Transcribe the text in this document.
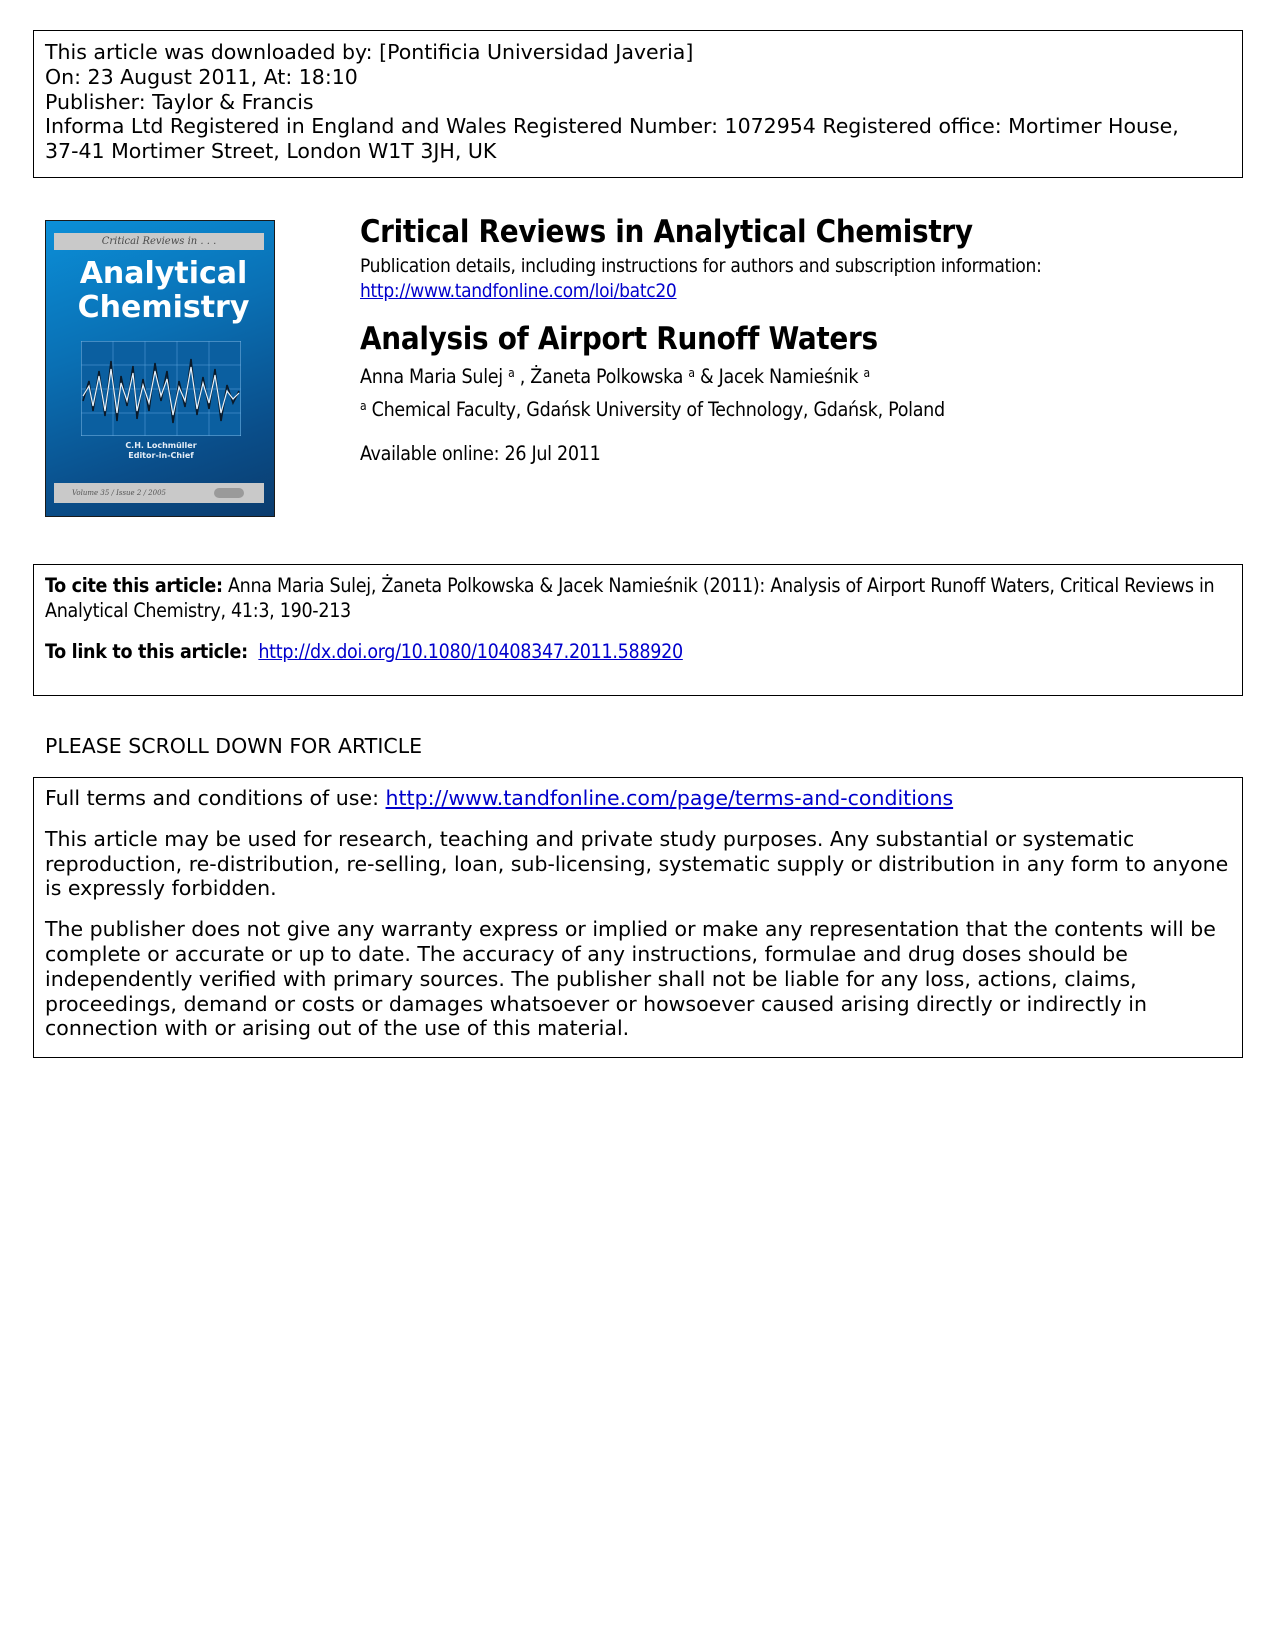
This article was downloaded by: [Pontificia Universidad Javeria]
On: 23 August 2011, At: 18:10
Publisher: Taylor & Francis
Informa Ltd Registered in England and Wales Registered Number: 1072954 Registered office: Mortimer House,
37-41 Mortimer Street, London W1T 3JH, UK
Critical Reviews in . . .
Analytical
Chemistry
C.H. Lochmüller
Editor-in-Chief
Volume 35 / Issue 2 / 2005
Critical Reviews in Analytical Chemistry
Publication details, including instructions for authors and subscription information:
http://www.tandfonline.com/loi/batc20
Analysis of Airport Runoff Waters
Anna Maria Sulej $^a$ , Żaneta Polkowska $^a$ & Jacek Namieśnik $^a$
$^a$ Chemical Faculty, Gdańsk University of Technology, Gdańsk, Poland
Available online: 26 Jul 2011
To cite this article: Anna Maria Sulej, Żaneta Polkowska & Jacek Namieśnik (2011): Analysis of Airport Runoff Waters, Critical Reviews in Analytical Chemistry, 41:3, 190-213
To link to this article: http://dx.doi.org/10.1080/10408347.2011.588920
PLEASE SCROLL DOWN FOR ARTICLE

Full terms and conditions of use: http://www.tandfonline.com/page/terms-and-conditions

This article may be used for research, teaching and private study purposes. Any substantial or systematic reproduction, re-distribution, re-selling, loan, sub-licensing, systematic supply or distribution in any form to anyone is expressly forbidden.

The publisher does not give any warranty express or implied or make any representation that the contents will be complete or accurate or up to date. The accuracy of any instructions, formulae and drug doses should be independently verified with primary sources. The publisher shall not be liable for any loss, actions, claims, proceedings, demand or costs or damages whatsoever or howsoever caused arising directly or indirectly in connection with or arising out of the use of this material.
